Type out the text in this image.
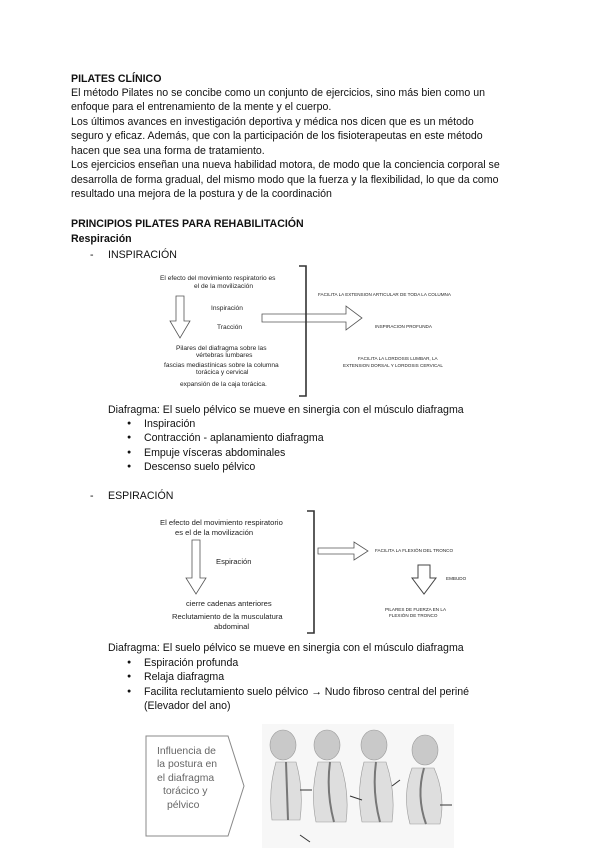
PILATES CLÍNICO
El método Pilates no se concibe como un conjunto de ejercicios, sino más bien como un
enfoque para el entrenamiento de la mente y el cuerpo.
Los últimos avances en investigación deportiva y médica nos dicen que es un método
seguro y eficaz. Además, que con la participación de los fisioterapeutas en este método
hacen que sea una forma de tratamiento.
Los ejercicios enseñan una nueva habilidad motora, de modo que la conciencia corporal se
desarrolla de forma gradual, del mismo modo que la fuerza y la flexibilidad, lo que da como
resultado una mejora de la postura y de la coordinación
PRINCIPIOS PILATES PARA REHABILITACIÓN
Respiración
- INSPIRACIÓN
El efecto del movimiento respiratorio es
el de la movilización
Inspiración
Tracción
Pilares del diafragma sobre las
vértebras lumbares
fascias mediastínicas sobre la columna
torácica y cervical
expansión de la caja torácica.
FACILITA LA EXTENSION ARTICULAR DE TODA LA COLUMNA
INSPIRACION PROFUNDA
FACILITA LA LORDOSIS LUMBAR, LA
EXTENSION DORSAL Y LORDOSIS CERVICAL
Diafragma: El suelo pélvico se mueve en sinergia con el músculo diafragma
● Inspiración
● Contracción - aplanamiento diafragma
● Empuje vísceras abdominales
● Descenso suelo pélvico
- ESPIRACIÓN
El efecto del movimiento respiratorio
es el de la movilización
Espiración
cierre cadenas anteriores
Reclutamiento de la musculatura
abdominal
FACILITA LA FLEXIÓN DEL TRONCO
EMBUDO
PILARES DE FUERZA EN LA
FLEXIÓN DE TRONCO
Diafragma: El suelo pélvico se mueve en sinergia con el músculo diafragma
● Espiración profunda
● Relaja diafragma
● Facilita reclutamiento suelo pélvico → Nudo fibroso central del periné
(Elevador del ano)
Influencia de
la postura en
el diafragma
torácico y
pélvico
